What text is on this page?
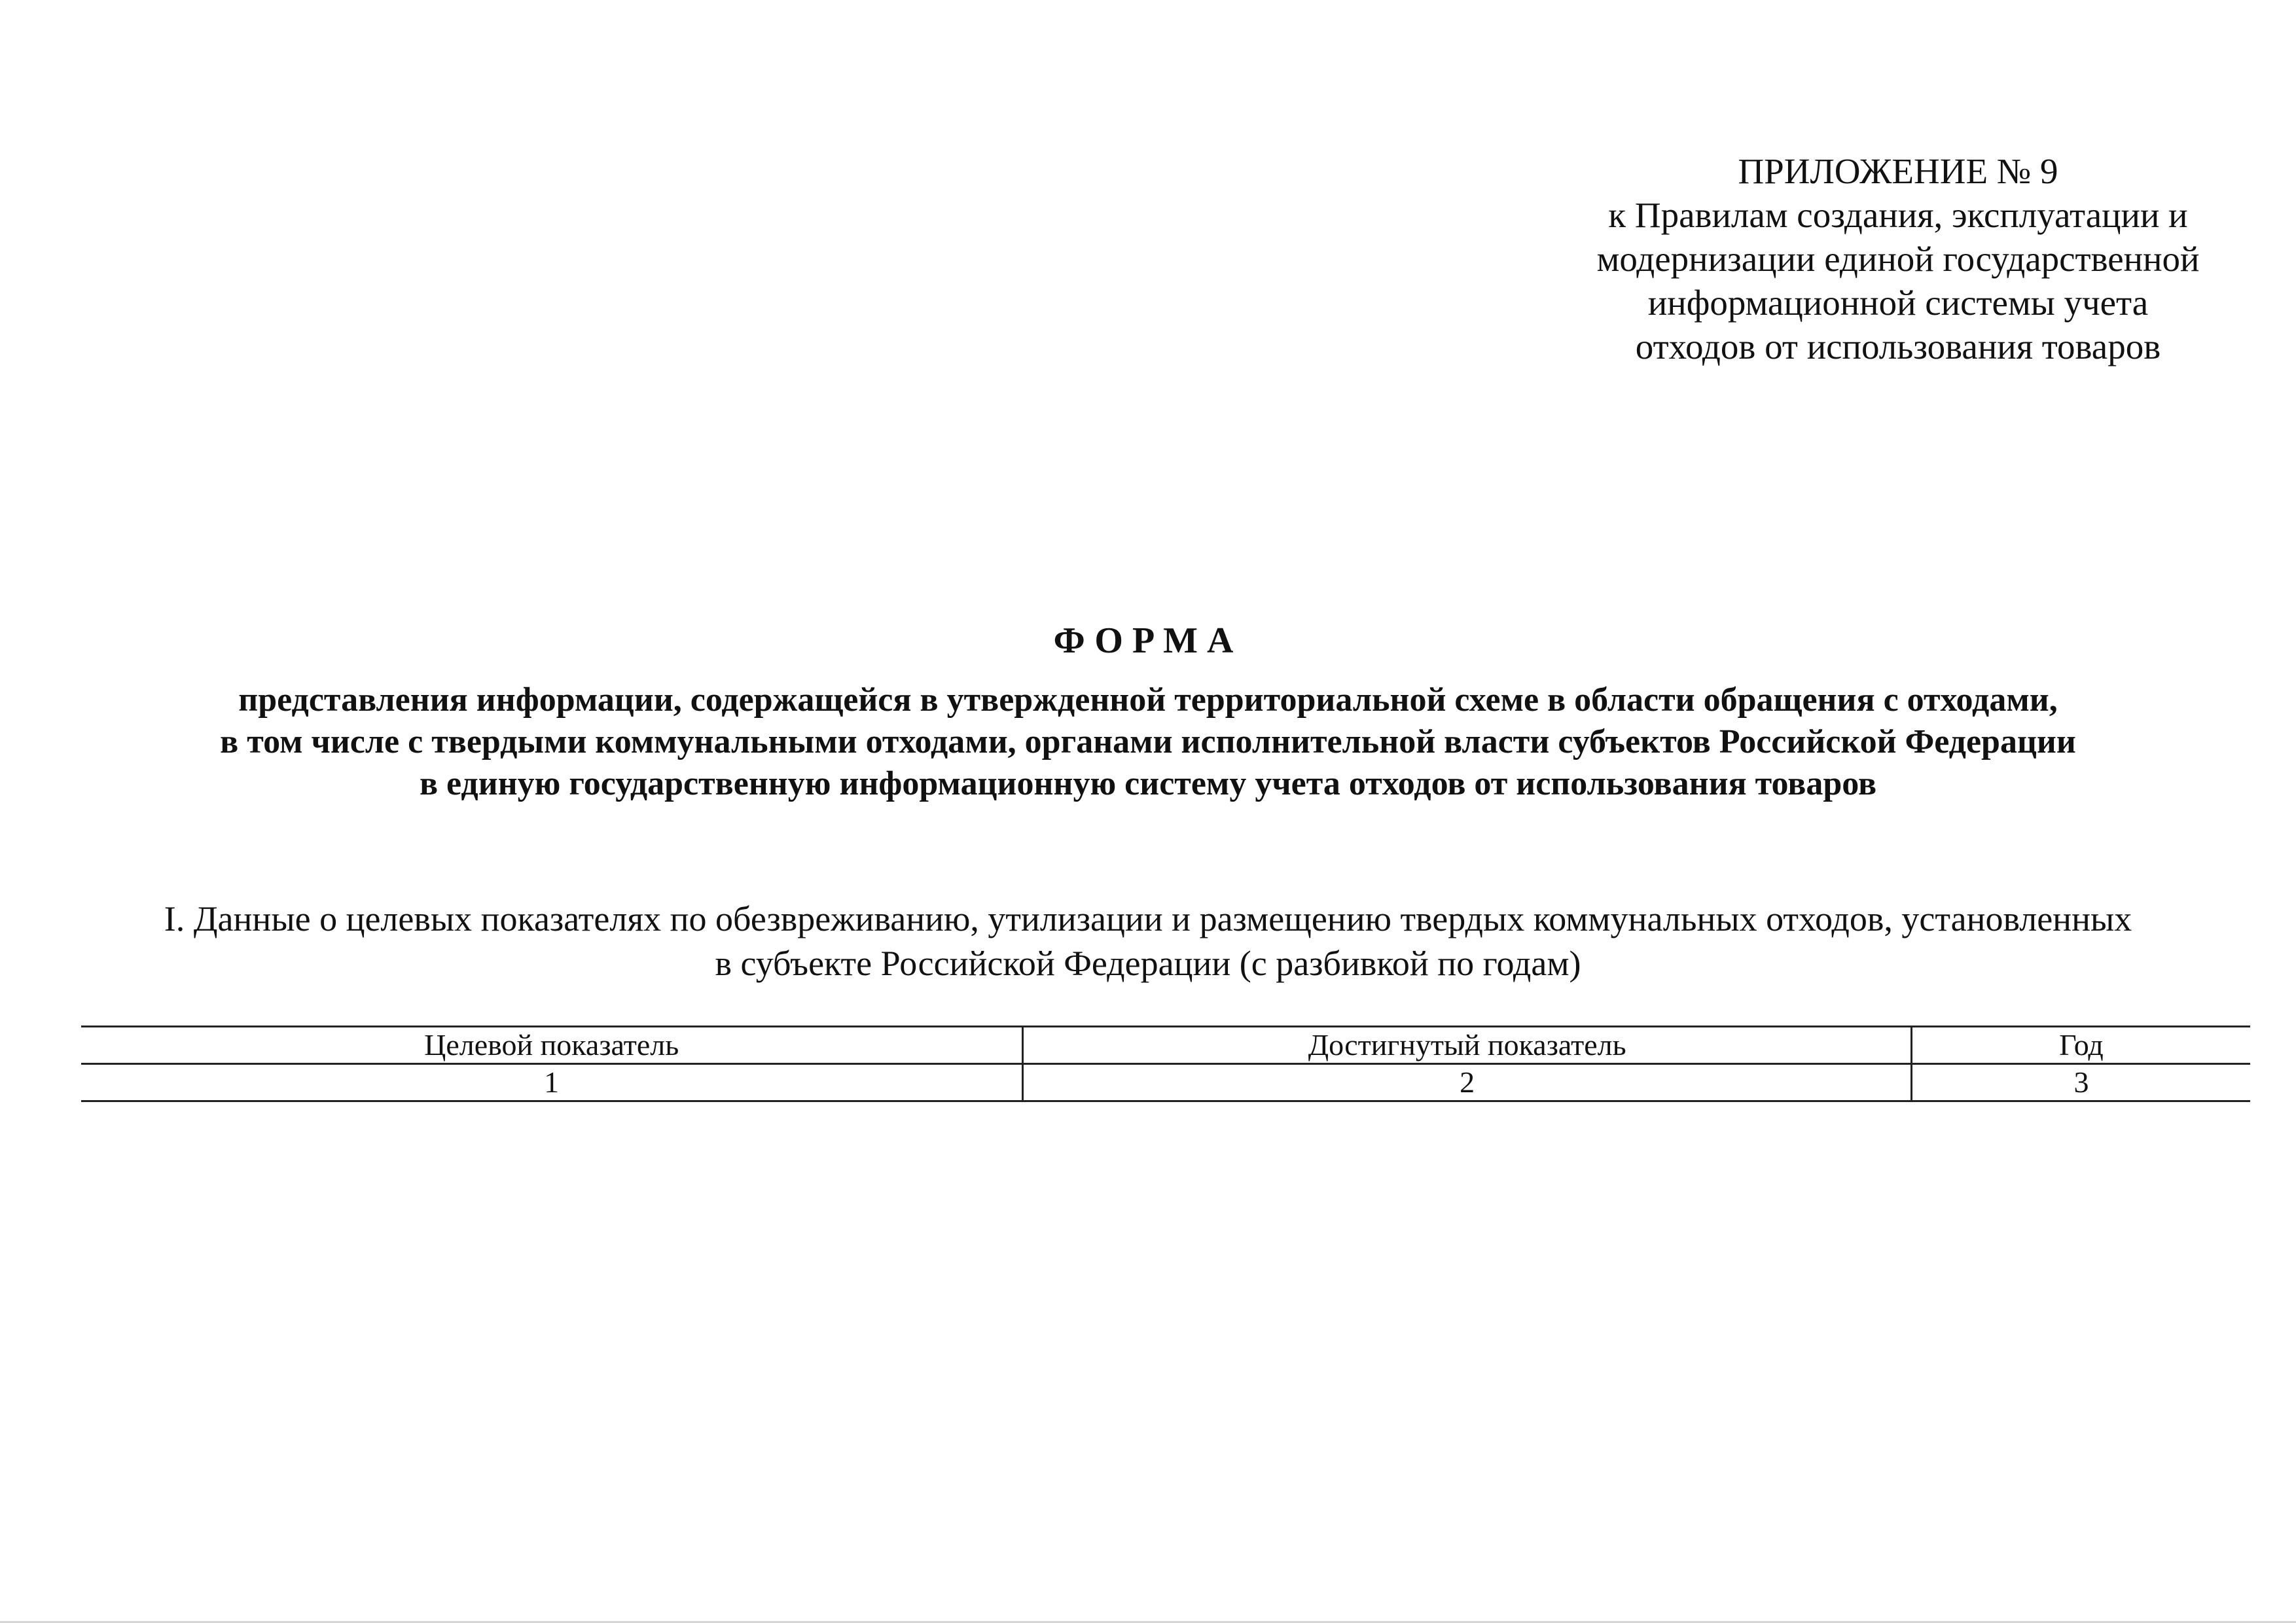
ПРИЛОЖЕНИЕ № 9
к Правилам создания, эксплуатации и
модернизации единой государственной
информационной системы учета
отходов от использования товаров
ФОРМА
представления информации, содержащейся в утвержденной территориальной схеме в области обращения с отходами,
в том числе с твердыми коммунальными отходами, органами исполнительной власти субъектов Российской Федерации
в единую государственную информационную систему учета отходов от использования товаров
I. Данные о целевых показателях по обезвреживанию, утилизации и размещению твердых коммунальных отходов, установленных
в субъекте Российской Федерации (с разбивкой по годам)
Целевой показатель	Достигнутый показатель	Год
1	2	3
